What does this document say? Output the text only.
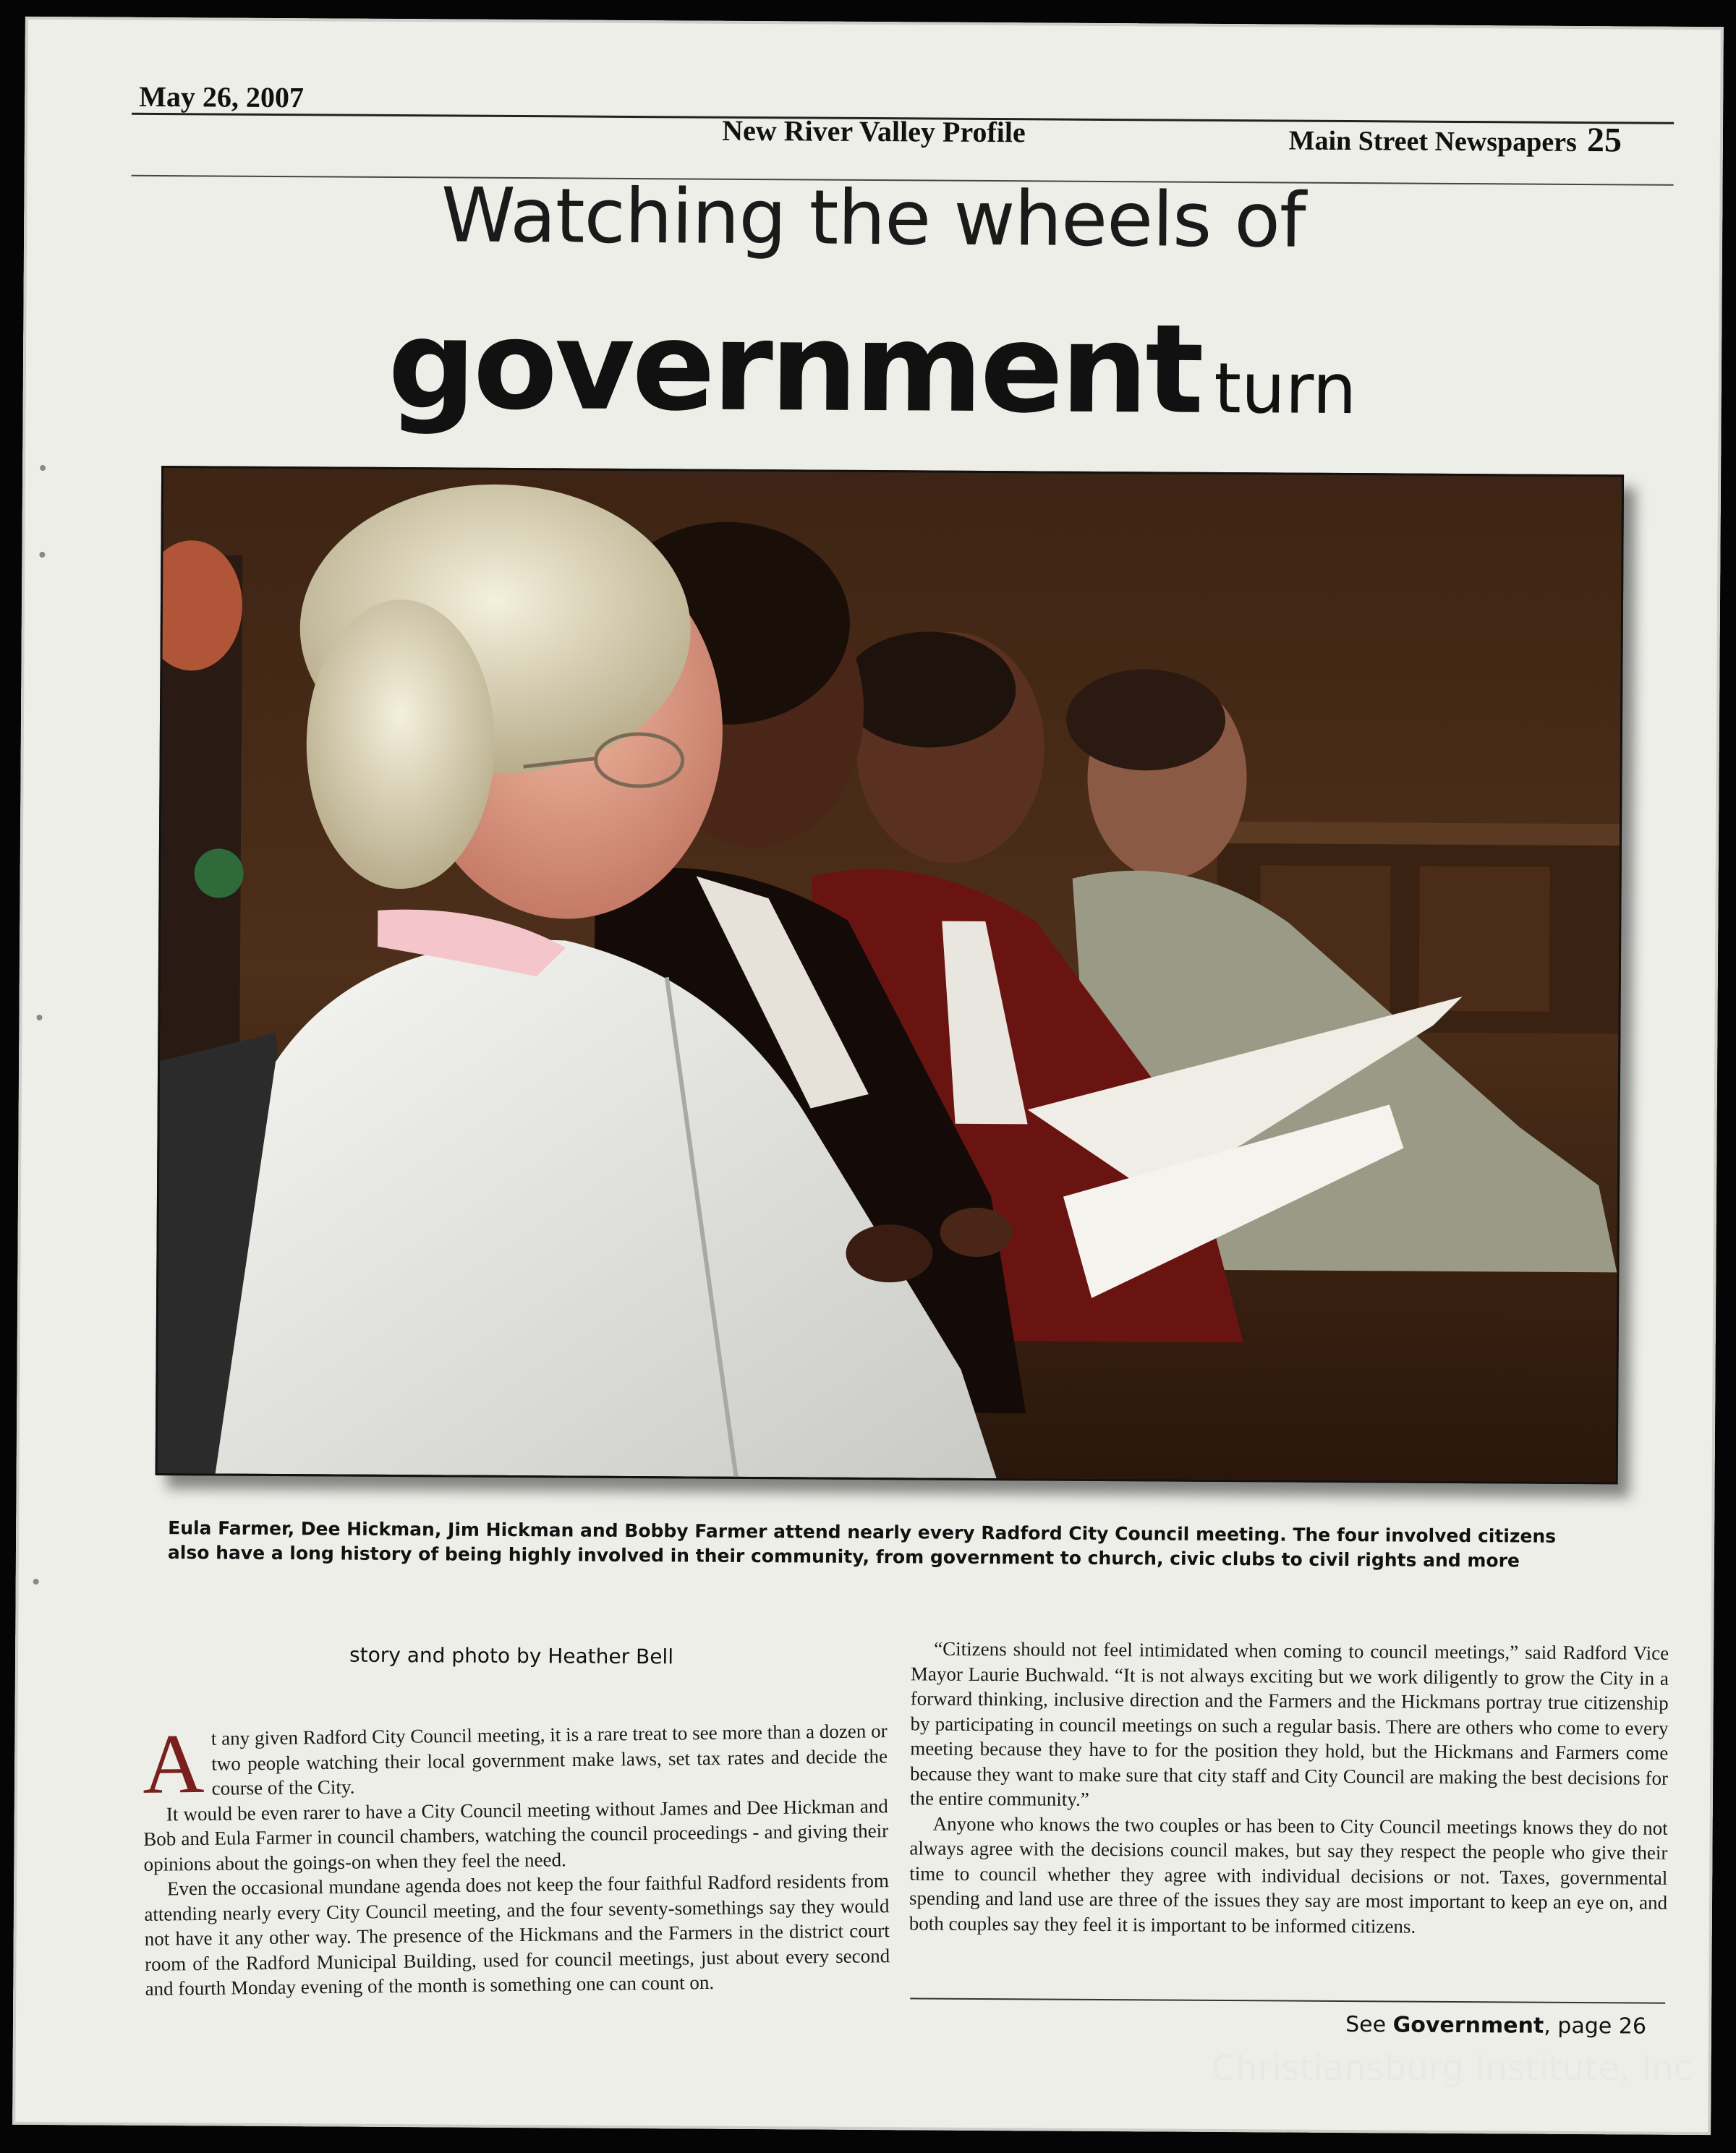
May 26, 2007
New River Valley Profile	Main Street Newspapers 25
Watching the wheels of
government turn
Eula Farmer, Dee Hickman, Jim Hickman and Bobby Farmer attend nearly every Radford City Council meeting. The four involved citizens also have a long history of being highly involved in their community, from government to church, civic clubs to civil rights and more
story and photo by Heather Bell

At any given Radford City Council meeting, it is a rare treat to see more than a dozen or two people watching their local government make laws, set tax rates and decide the course of the City.

It would be even rarer to have a City Council meeting without James and Dee Hickman and Bob and Eula Farmer in council chambers, watching the council proceedings - and giving their opinions about the goings-on when they feel the need.

Even the occasional mundane agenda does not keep the four faithful Radford residents from attending nearly every City Council meeting, and the four seventy-somethings say they would not have it any other way. The presence of the Hickmans and the Farmers in the district court room of the Radford Municipal Building, used for council meetings, just about every second and fourth Monday evening of the month is something one can count on.

“Citizens should not feel intimidated when coming to council meetings,” said Radford Vice Mayor Laurie Buchwald. “It is not always exciting but we work diligently to grow the City in a forward thinking, inclusive direction and the Farmers and the Hickmans portray true citizenship by participating in council meetings on such a regular basis. There are others who come to every meeting because they have to for the position they hold, but the Hickmans and Farmers come because they want to make sure that city staff and City Council are making the best decisions for the entire community.”

Anyone who knows the two couples or has been to City Council meetings knows they do not always agree with the decisions council makes, but say they respect the people who give their time to council whether they agree with individual decisions or not. Taxes, governmental spending and land use are three of the issues they say are most important to keep an eye on, and both couples say they feel it is important to be informed citizens.

See Government, page 26
Christiansburg Institute, Inc
